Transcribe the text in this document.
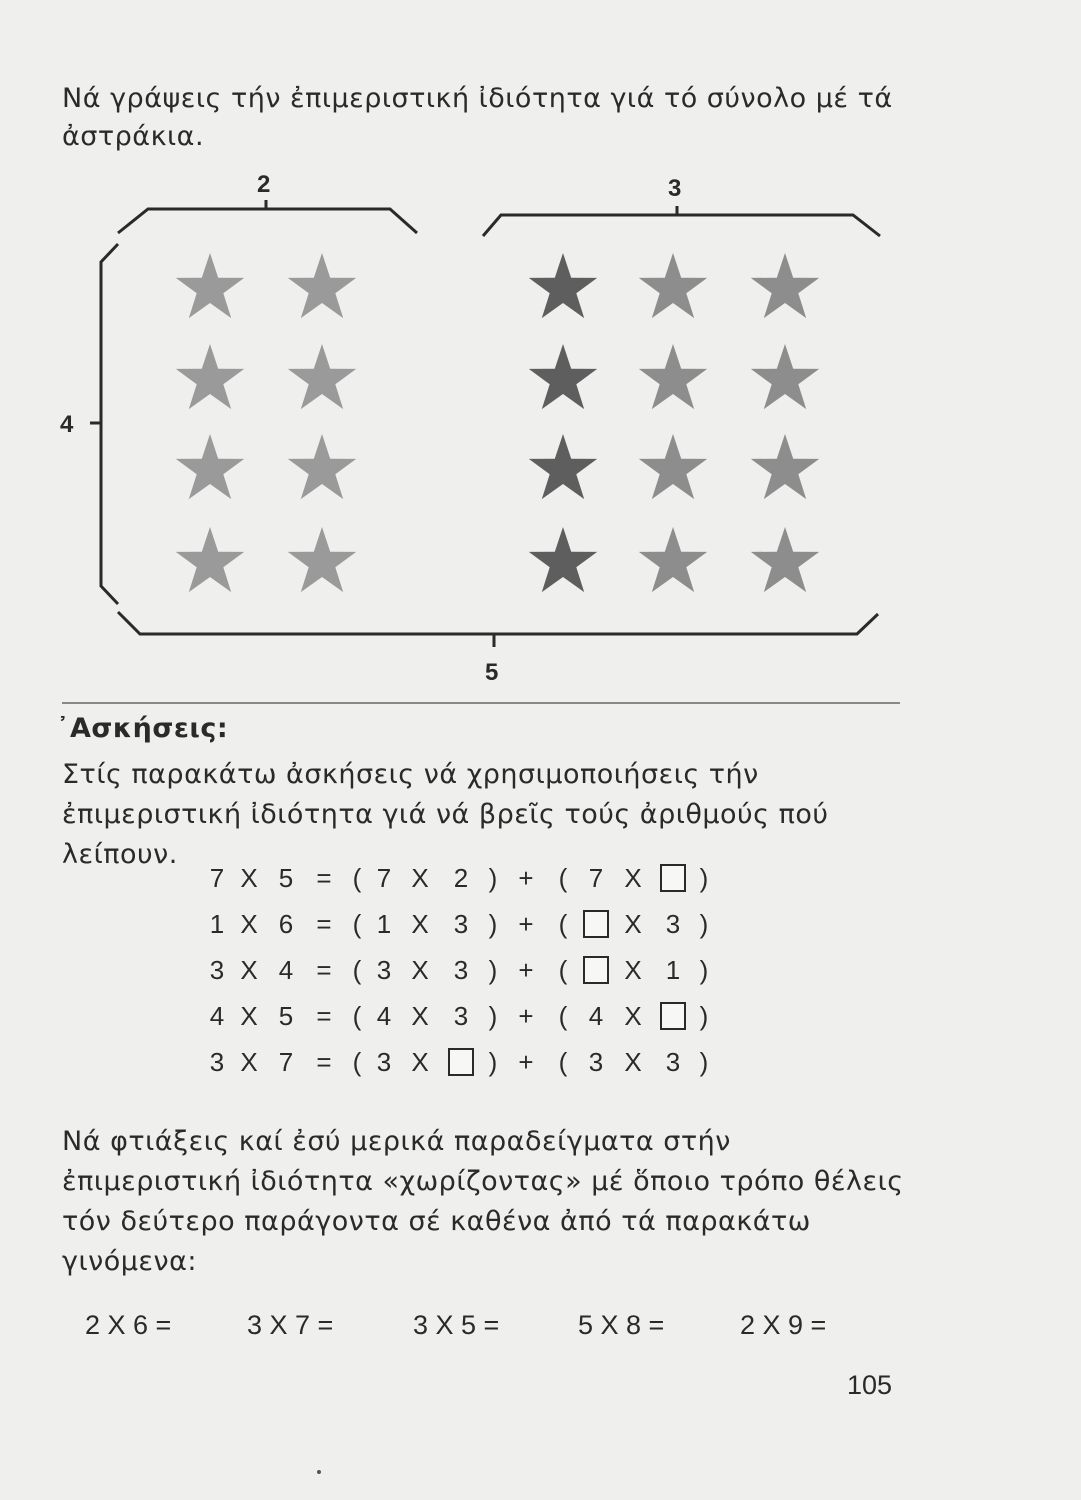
Νά γράψεις τήν ἐπιμεριστική ἰδιότητα γιά τό σύνολο μέ τά ἀστράκια.
2	3
4
5
᾿Ασκήσεις:
Στίς παρακάτω ἀσκήσεις νά χρησιμοποιήσεις τήν ἐπιμεριστική ἰδιότητα γιά νά βρεῖς τούς ἀριθμούς πού λείπουν.
7 X 5 = ( 7 X 2 ) + ( 7 X )
1 X 6 = ( 1 X 3 ) + ( X 3 )
3 X 4 = ( 3 X 3 ) + ( X 1 )
4 X 5 = ( 4 X 3 ) + ( 4 X )
3 X 7 = ( 3 X ) + ( 3 X 3 )
Νά φτιάξεις καί ἐσύ μερικά παραδείγματα στήν ἐπιμεριστική ἰδιότητα «χωρίζοντας» μέ ὅποιο τρόπο θέλεις τόν δεύτερο παράγοντα σέ καθένα ἀπό τά παρακάτω γινόμενα:
2 X 6 =	3 X 7 =	3 X 5 =	5 X 8 =	2 X 9 =
105
